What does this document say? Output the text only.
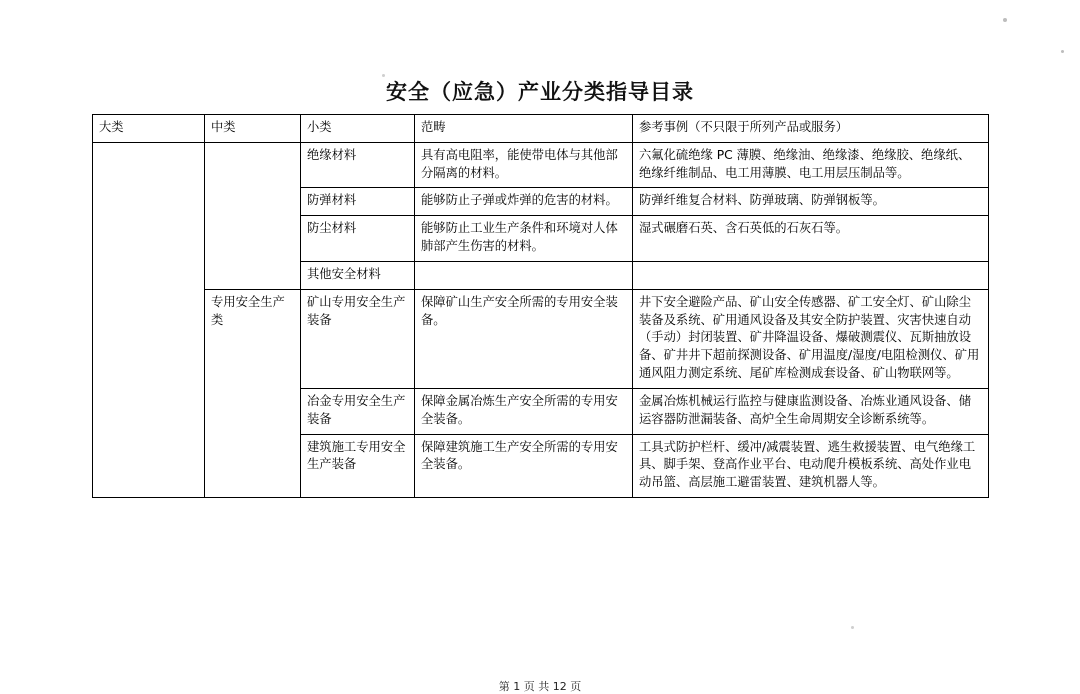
安全（应急）产业分类指导目录
大类	中类	小类	范畴	参考事例（不只限于所列产品或服务）
		绝缘材料	具有高电阻率，能使带电体与其他部分隔离的材料。	六氟化硫绝缘 PC 薄膜、绝缘油、绝缘漆、绝缘胶、绝缘纸、绝缘纤维制品、电工用薄膜、电工用层压制品等。
		防弹材料	能够防止子弹或炸弹的危害的材料。	防弹纤维复合材料、防弹玻璃、防弹钢板等。
		防尘材料	能够防止工业生产条件和环境对人体肺部产生伤害的材料。	湿式碾磨石英、含石英低的石灰石等。
		其他安全材料		
	专用安全生产类	矿山专用安全生产装备	保障矿山生产安全所需的专用安全装备。	井下安全避险产品、矿山安全传感器、矿工安全灯、矿山除尘装备及系统、矿用通风设备及其安全防护装置、灾害快速自动（手动）封闭装置、矿井降温设备、爆破测震仪、瓦斯抽放设备、矿井井下超前探测设备、矿用温度/湿度/电阻检测仪、矿用通风阻力测定系统、尾矿库检测成套设备、矿山物联网等。
		冶金专用安全生产装备	保障金属冶炼生产安全所需的专用安全装备。	金属冶炼机械运行监控与健康监测设备、冶炼业通风设备、储运容器防泄漏装备、高炉全生命周期安全诊断系统等。
		建筑施工专用安全生产装备	保障建筑施工生产安全所需的专用安全装备。	工具式防护栏杆、缓冲/减震装置、逃生救援装置、电气绝缘工具、脚手架、登高作业平台、电动爬升模板系统、高处作业电动吊篮、高层施工避雷装置、建筑机器人等。
第 1 页 共 12 页
